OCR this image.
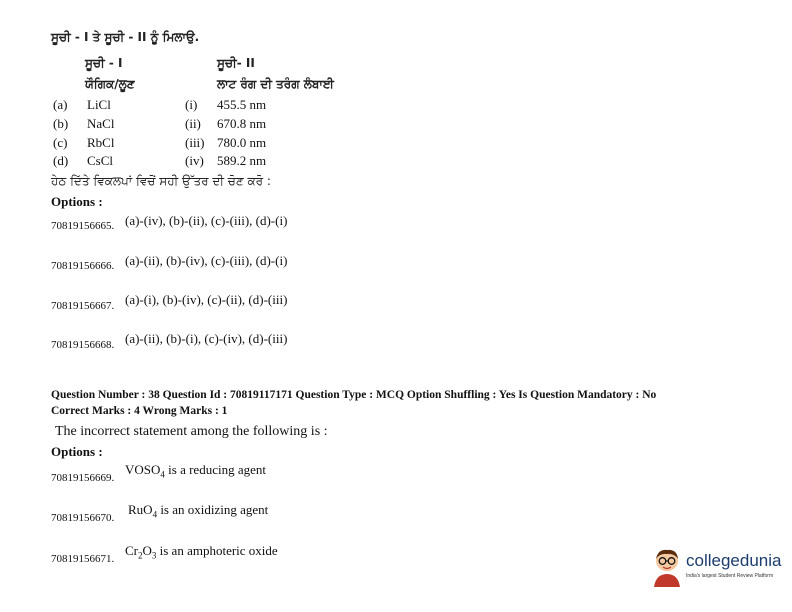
ਸੂਚੀ - I ਤੇ ਸੂਚੀ - II ਨੂੰ ਮਿਲਾਉ.
ਸੂਚੀ - I	ਸੂਚੀ- II
ਯੌਗਿਕ/ਲੂਣ	ਲਾਟ ਰੰਗ ਦੀ ਤਰੰਗ ਲੰਬਾਈ
(a) LiCl	(i) 455.5 nm
(b) NaCl	(ii) 670.8 nm
(c) RbCl	(iii) 780.0 nm
(d) CsCl	(iv) 589.2 nm
ਹੇਠ ਦਿੱਤੇ ਵਿਕਲਪਾਂ ਵਿਚੋਂ ਸਹੀ ਉੱਤਰ ਦੀ ਚੋਣ ਕਰੋ :
Options :
70819156665. (a)-(iv), (b)-(ii), (c)-(iii), (d)-(i)
70819156666. (a)-(ii), (b)-(iv), (c)-(iii), (d)-(i)
70819156667. (a)-(i), (b)-(iv), (c)-(ii), (d)-(iii)
70819156668. (a)-(ii), (b)-(i), (c)-(iv), (d)-(iii)
Question Number : 38 Question Id : 70819117171 Question Type : MCQ Option Shuffling : Yes Is Question Mandatory : No
Correct Marks : 4 Wrong Marks : 1
The incorrect statement among the following is :
Options :
70819156669.
$VOSO_4$ is a reducing agent
70819156670.
RuO$_4$ is an oxidizing agent
70819156671.
$Cr_2O_3$ is an amphoteric oxide
collegedunia
India's largest Student Review Platform
